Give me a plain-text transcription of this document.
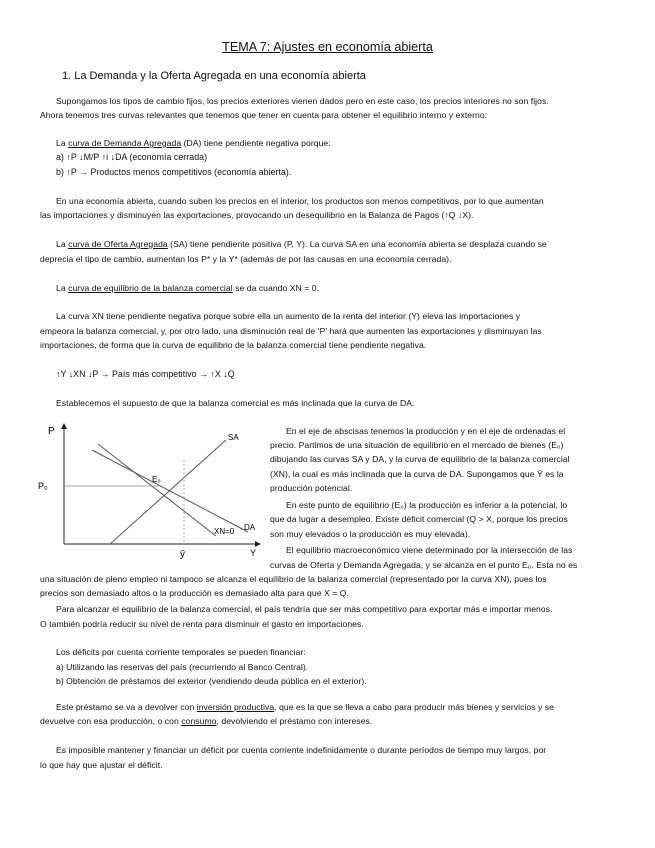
TEMA 7: Ajustes en economía abierta
1. La Demanda y la Oferta Agregada en una economía abierta
Supongamos los tipos de cambio fijos, los precios exteriores vienen dados pero en este caso, los precios interiores no son fijos.
Ahora tenemos tres curvas relevantes que tenemos que tener en cuenta para obtener el equilibrio interno y externo:
La curva de Demanda Agregada (DA) tiene pendiente negativa porque:
a) ↑P ↓M/P ↑i ↓DA (economía cerrada)
b) ↑P → Productos menos competitivos (economía abierta).
En una economía abierta, cuando suben los precios en el interior, los productos son menos competitivos, por lo que aumentan
las importaciones y disminuyen las exportaciones, provocando un desequilibrio en la Balanza de Pagos (↑Q ↓X).
La curva de Oferta Agregada (SA) tiene pendiente positiva (P, Y). La curva SA en una economía abierta se desplaza cuando se
deprecia el tipo de cambio, aumentan los P* y la Y* (además de por las causas en una economía cerrada).
La curva de equilibrio de la balanza comercial se da cuando XN = 0.
La curva XN tiene pendiente negativa porque sobre ella un aumento de la renta del interior (Y) eleva las importaciones y
empeora la balanza comercial, y, por otro lado, una disminución real de ‘P’ hará que aumenten las exportaciones y disminuyan las
importaciones, de forma que la curva de equilibrio de la balanza comercial tiene pendiente negativa.
↑Y ↓XN ↓P → País más competitivo → ↑X ↓Q
Establecemos el supuesto de que la balanza comercial es más inclinada que la curva de DA.
P
Y
SA
DA
XN=0
E₀
P₀
ȳ
En el eje de abscisas tenemos la producción y en el eje de ordenadas el
precio. Partimos de una situación de equilibrio en el mercado de bienes (E₀)
dibujando las curvas SA y DA, y la curva de equilibrio de la balanza comercial
(XN), la cual es más inclinada que la curva de DA. Supongamos que Ȳ es la
producción potencial.
En este punto de equilibrio (E₀) la producción es inferior a la potencial, lo
que da lugar a desempleo. Existe déficit comercial (Q > X, porque los precios
son muy elevados o la producción es muy elevada).
El equilibrio macroeconómico viene determinado por la intersección de las
curvas de Oferta y Demanda Agregada, y se alcanza en el punto E₀. Esta no es
una situación de pleno empleo ni tampoco se alcanza el equilibrio de la balanza comercial (representado por la curva XN), pues los
precios son demasiado altos o la producción es demasiado alta para que X = Q.
Para alcanzar el equilibrio de la balanza comercial, el país tendría que ser más competitivo para exportar más e importar menos.
O también podría reducir su nivel de renta para disminuir el gasto en importaciones.
Los déficits por cuenta corriente temporales se pueden financiar:
a) Utilizando las reservas del país (recurriendo al Banco Central).
b) Obtención de préstamos del exterior (vendiendo deuda pública en el exterior).
Este préstamo se va a devolver con inversión productiva, que es la que se lleva a cabo para producir más bienes y servicios y se
devuelve con esa producción, o con consumo, devolviendo el préstamo con intereses.
Es imposible mantener y financiar un déficit por cuenta corriente indefinidamente o durante períodos de tiempo muy largos, por
lo que hay que ajustar el déficit.
